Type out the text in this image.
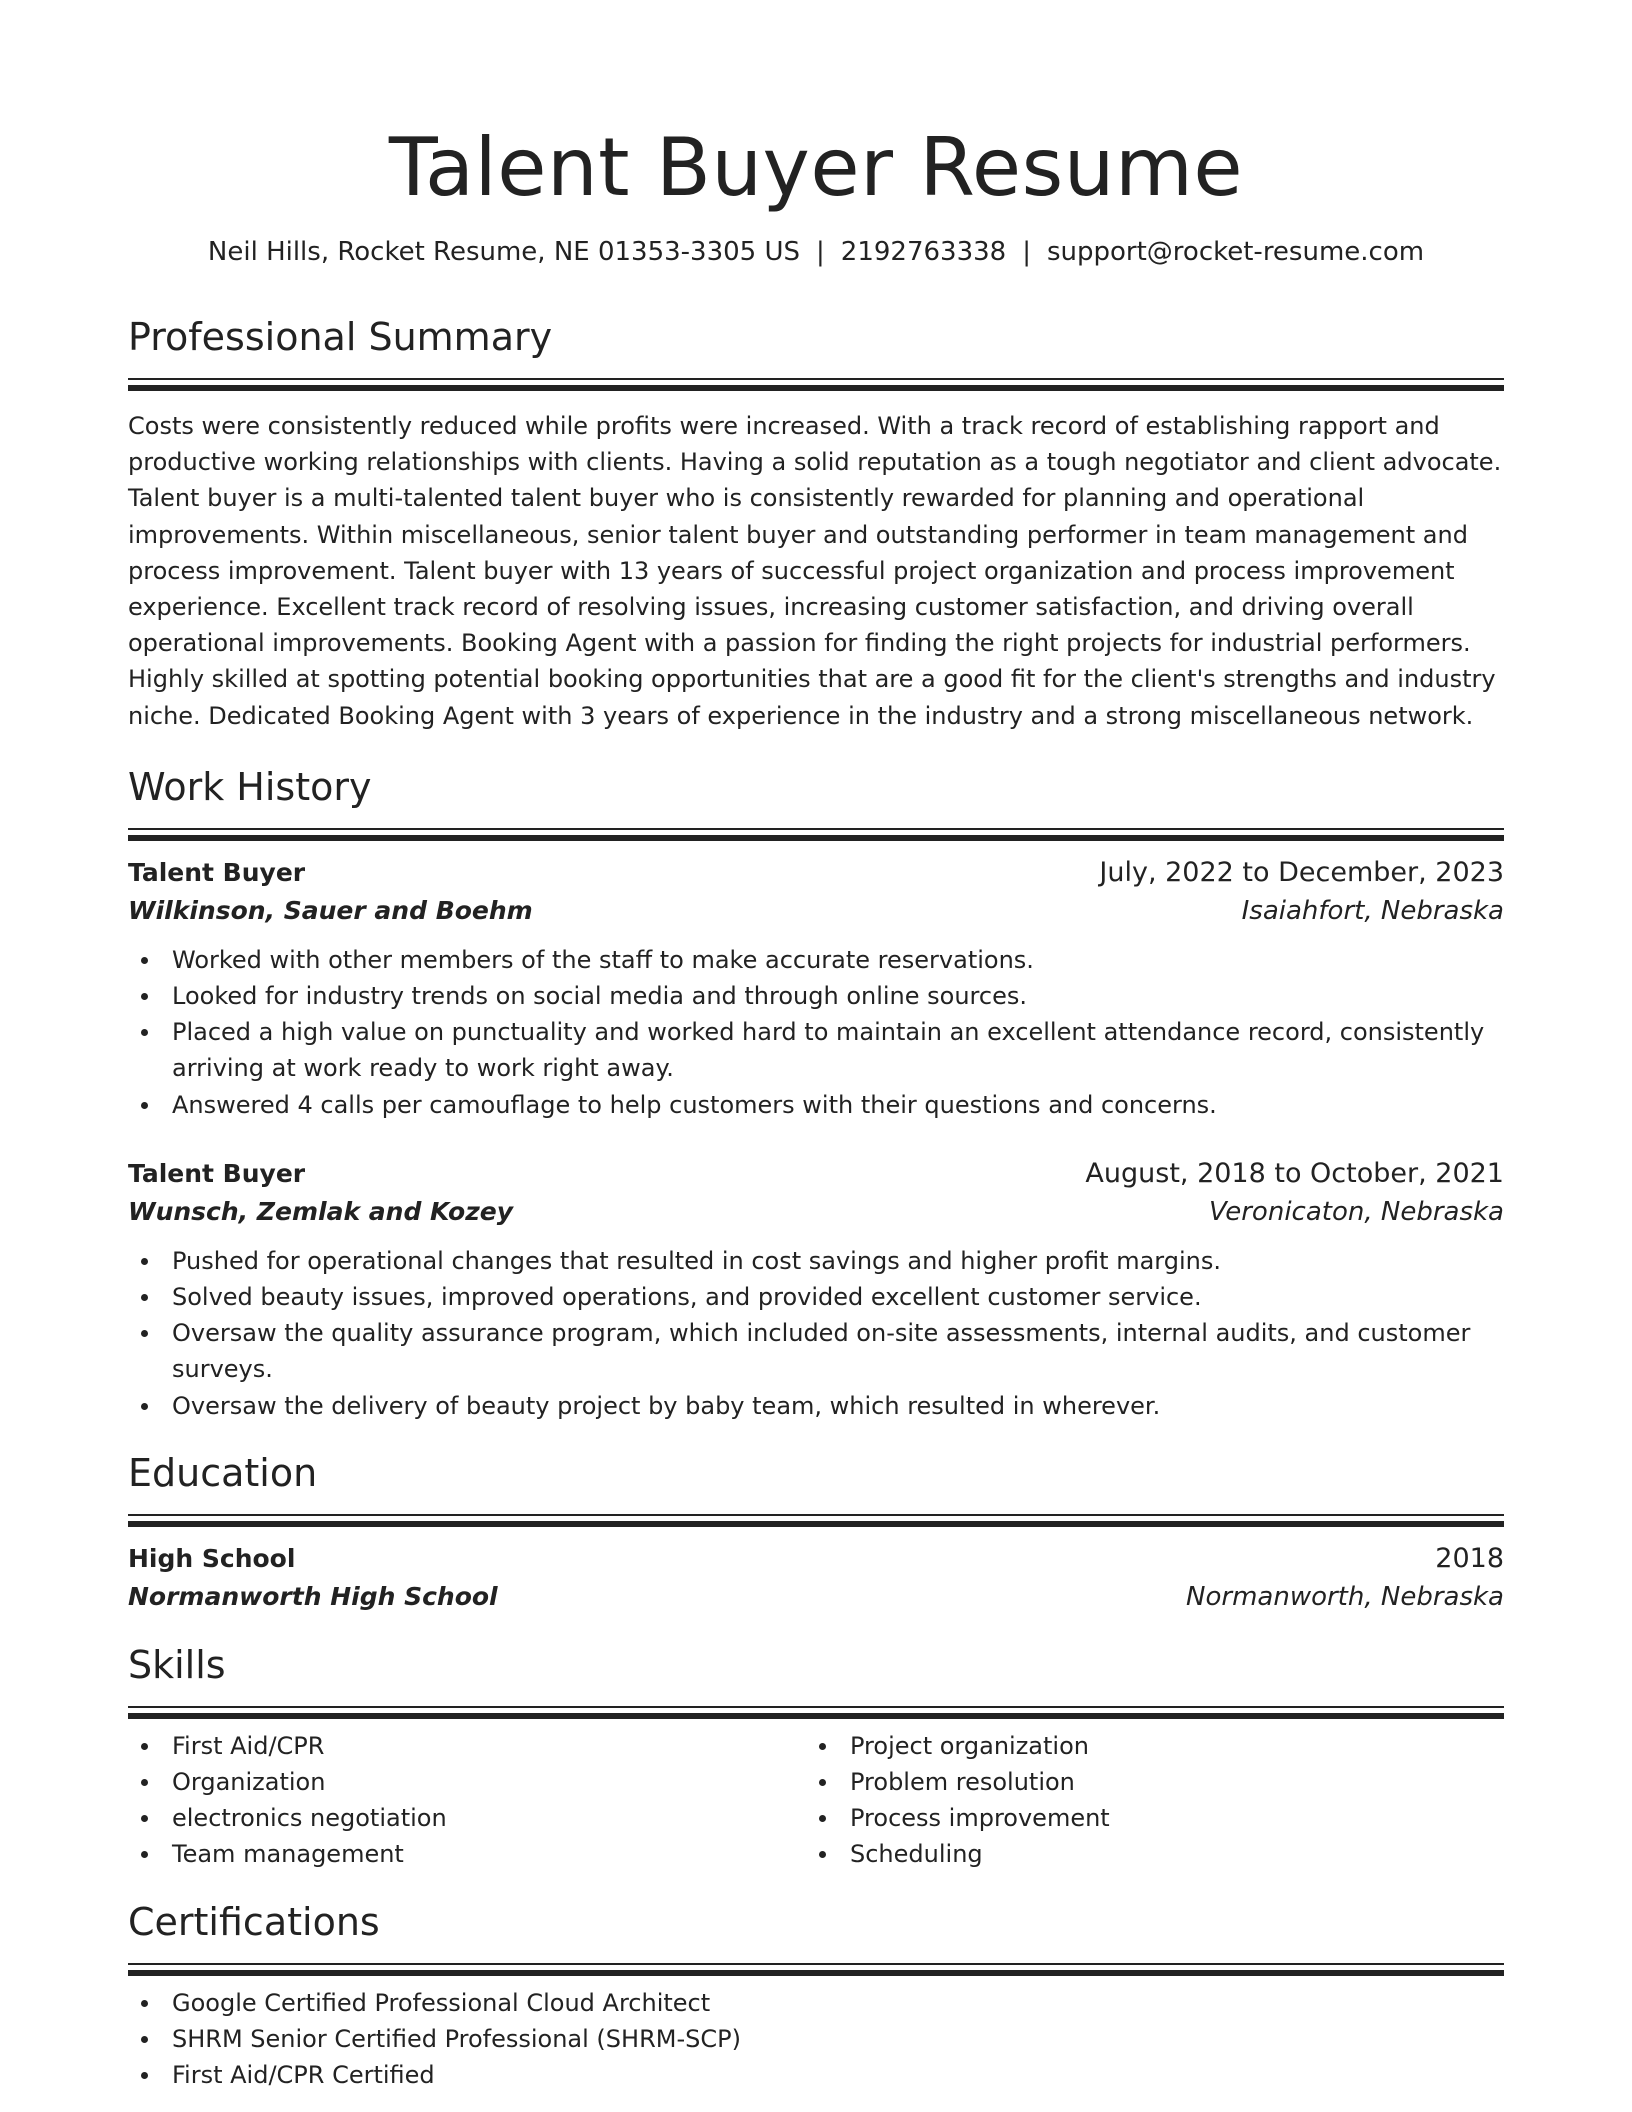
Talent Buyer Resume
Neil Hills, Rocket Resume, NE 01353-3305 US | 2192763338 | support@rocket-resume.com
Professional Summary

Costs were consistently reduced while profits were increased. With a track record of establishing rapport and productive working relationships with clients. Having a solid reputation as a tough negotiator and client advocate. Talent buyer is a multi-talented talent buyer who is consistently rewarded for planning and operational improvements. Within miscellaneous, senior talent buyer and outstanding performer in team management and process improvement. Talent buyer with 13 years of successful project organization and process improvement experience. Excellent track record of resolving issues, increasing customer satisfaction, and driving overall operational improvements. Booking Agent with a passion for finding the right projects for industrial performers. Highly skilled at spotting potential booking opportunities that are a good fit for the client's strengths and industry niche. Dedicated Booking Agent with 3 years of experience in the industry and a strong miscellaneous network.

Work History
Talent Buyer	July, 2022 to December, 2023
Wilkinson, Sauer and Boehm	Isaiahfort, Nebraska
Worked with other members of the staff to make accurate reservations.
Looked for industry trends on social media and through online sources.
Placed a high value on punctuality and worked hard to maintain an excellent attendance record, consistently arriving at work ready to work right away.
Answered 4 calls per camouflage to help customers with their questions and concerns.
Talent Buyer	August, 2018 to October, 2021
Wunsch, Zemlak and Kozey	Veronicaton, Nebraska
Pushed for operational changes that resulted in cost savings and higher profit margins.
Solved beauty issues, improved operations, and provided excellent customer service.
Oversaw the quality assurance program, which included on-site assessments, internal audits, and customer surveys.
Oversaw the delivery of beauty project by baby team, which resulted in wherever.
Education
High School	2018
Normanworth High School	Normanworth, Nebraska
Skills
First Aid/CPR
Organization
electronics negotiation
Team management
Project organization
Problem resolution
Process improvement
Scheduling
Certifications
Google Certified Professional Cloud Architect
SHRM Senior Certified Professional (SHRM-SCP)
First Aid/CPR Certified
